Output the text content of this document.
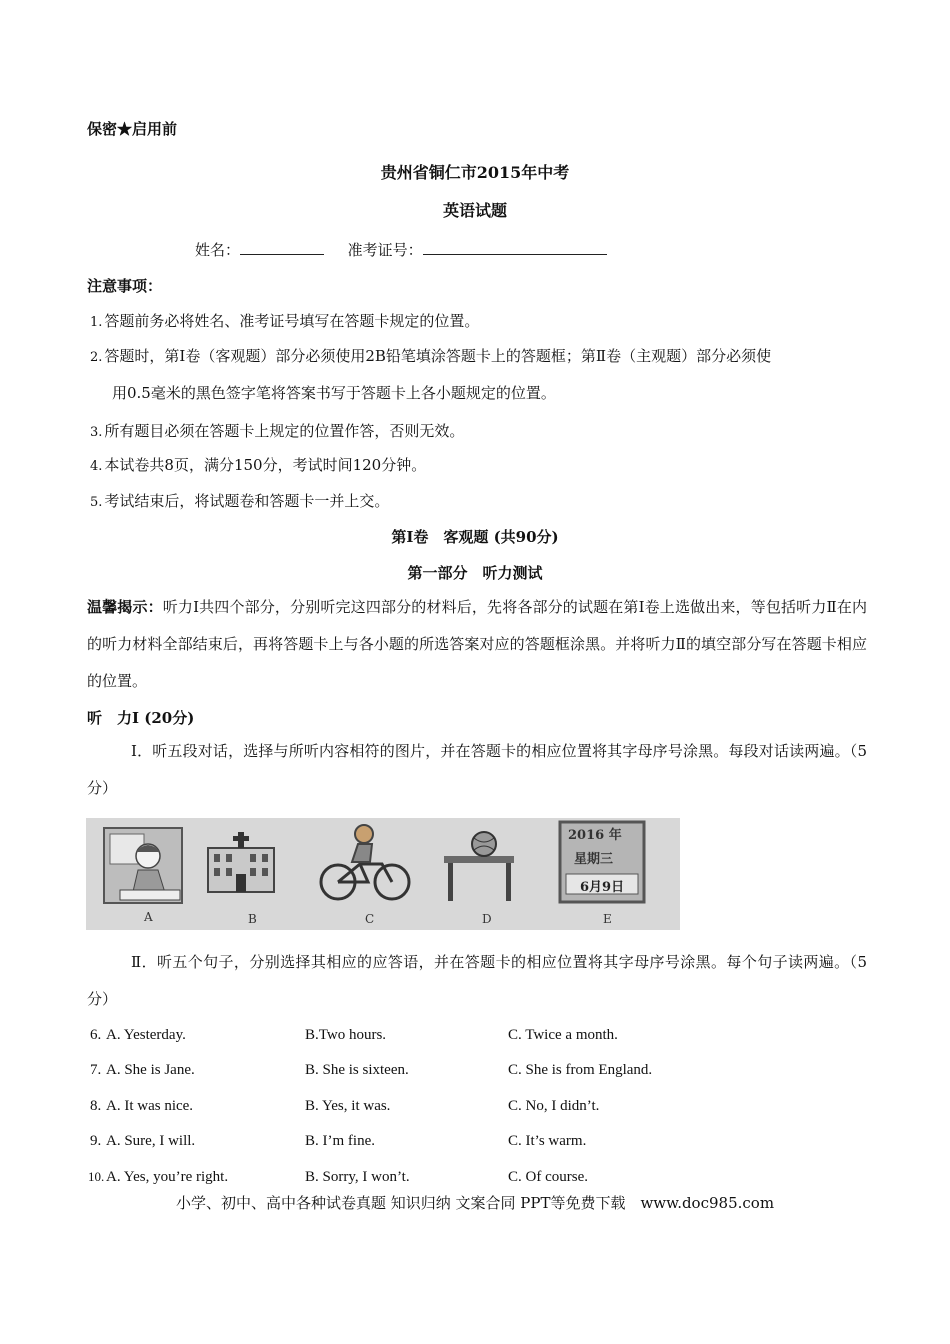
保密★启用前
贵州省铜仁市2015年中考
英语试题
姓名：	准考证号：
注意事项：
1. 答题前务必将姓名、准考证号填写在答题卡规定的位置。
2. 答题时，第Ⅰ卷（客观题）部分必须使用2B铅笔填涂答题卡上的答题框；第Ⅱ卷（主观题）部分必须使
用0.5毫米的黑色签字笔将答案书写于答题卡上各小题规定的位置。
3. 所有题目必须在答题卡上规定的位置作答，否则无效。
4. 本试卷共8页，满分150分，考试时间120分钟。
5. 考试结束后，将试题卷和答题卡一并上交。
第Ⅰ卷　客观题 (共90分)
第一部分　听力测试
温馨揭示：听力Ⅰ共四个部分，分别听完这四部分的材料后，先将各部分的试题在第Ⅰ卷上选做出来，等包括听力Ⅱ在内的听力材料全部结束后，再将答题卡上与各小题的所选答案对应的答题框涂黑。并将听力Ⅱ的填空部分写在答题卡相应的位置。
听　力Ⅰ (20分)
Ⅰ．听五段对话，选择与所听内容相符的图片，并在答题卡的相应位置将其字母序号涂黑。每段对话读两遍。（5分）
2016 年
星期三
6月9日
A	B	C	D	E
Ⅱ．听五个句子，分别选择其相应的应答语，并在答题卡的相应位置将其字母序号涂黑。每个句子读两遍。（5分）
6. A. Yesterday.	B.Two hours.	C. Twice a month.
7. A. She is Jane.	B. She is sixteen.	C. She is from England.
8. A. It was nice.	B. Yes, it was.	C. No, I didn’t.
9. A. Sure, I will.	B. I’m fine.	C. It’s warm.
10. A. Yes, you’re right.	B. Sorry, I won’t.	C. Of course.
小学、初中、高中各种试卷真题 知识归纳 文案合同 PPT等免费下载　www.doc985.com
